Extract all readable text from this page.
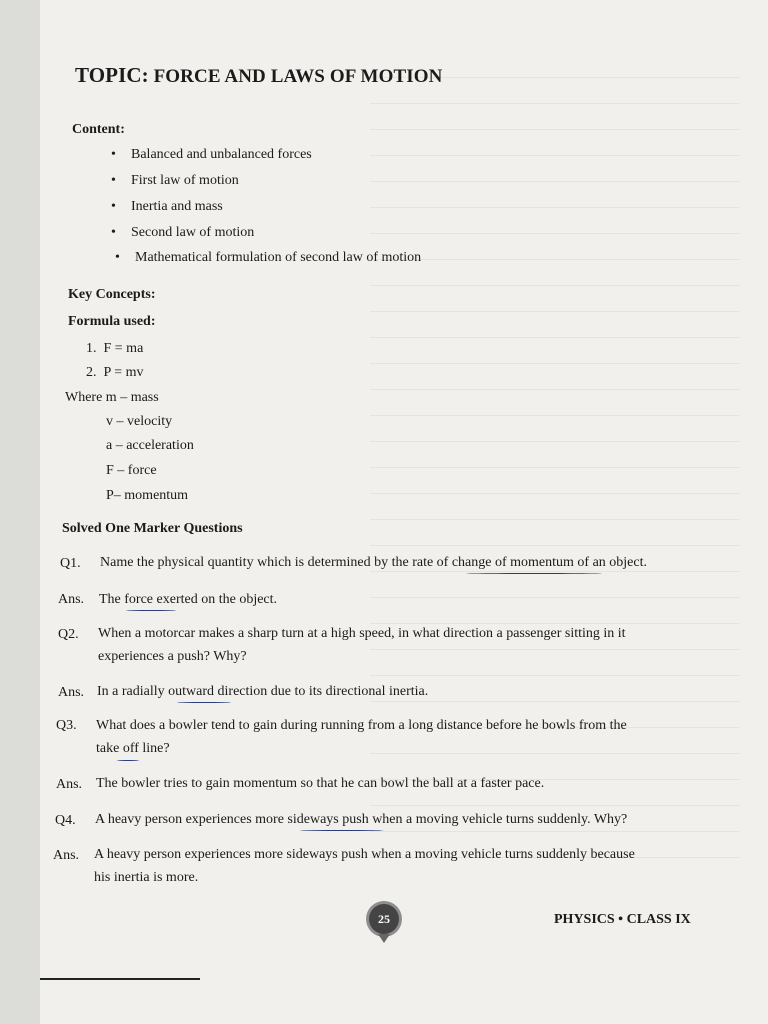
TOPIC: FORCE AND LAWS OF MOTION
Content:
• Balanced and unbalanced forces
• First law of motion
• Inertia and mass
• Second law of motion
• Mathematical formulation of second law of motion
Key Concepts:
Formula used:
1. F = ma
2. P = mv
Where m – mass
v – velocity
a – acceleration
F – force
P– momentum
Solved One Marker Questions
Q1. Name the physical quantity which is determined by the rate of change of momentum of an object.
Ans. The force exerted on the object.
Q2. When a motorcar makes a sharp turn at a high speed, in what direction a passenger sitting in it
experiences a push? Why?
Ans. In a radially outward direction due to its directional inertia.
Q3. What does a bowler tend to gain during running from a long distance before he bowls from the
take off line?
Ans. The bowler tries to gain momentum so that he can bowl the ball at a faster pace.
Q4. A heavy person experiences more sideways push when a moving vehicle turns suddenly. Why?
Ans. A heavy person experiences more sideways push when a moving vehicle turns suddenly because
his inertia is more.
25	PHYSICS • CLASS IX
